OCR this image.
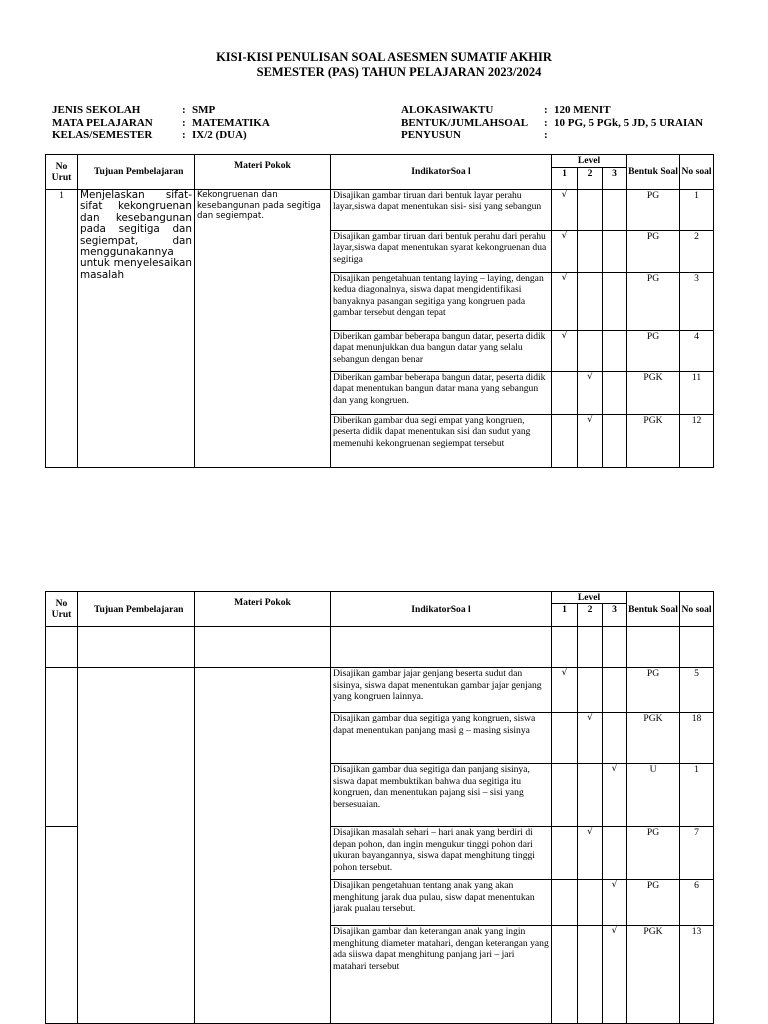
KISI-KISI PENULISAN SOAL ASESMEN SUMATIF AKHIR
SEMESTER (PAS) TAHUN PELAJARAN 2023/2024
JENIS SEKOLAH	: SMP
MATA PELAJARAN	: MATEMATIKA
KELAS/SEMESTER	: IX/2 (DUA)
ALOKASIWAKTU	: 120 MENIT
BENTUK/JUMLAHSOAL	: 10 PG, 5 PGk, 5 JD, 5 URAIAN
PENYUSUN	:
No Urut	Tujuan Pembelajaran	Materi Pokok	IndikatorSoa l	Level			Bentuk Soal	No soal
				1	2	3		
1	Menjelaskan sifat-sifat kekongruenan dan kesebangunan pada segitiga dan segiempat, dan menggunakannya untuk menyelesaikan masalah	Kekongruenan dan kesebangunan pada segitiga dan segiempat.	Disajikan gambar tiruan dari bentuk layar perahu layar,siswa dapat menentukan sisi- sisi yang sebangun	√			PG	1
			Disajikan gambar tiruan dari bentuk perahu dari perahu layar,siswa dapat menentukan syarat kekongruenan dua segitiga	√			PG	2
			Disajikan pengetahuan tentang laying – laying, dengan kedua diagonalnya, siswa dapat mengidentifikasi banyaknya pasangan segitiga yang kongruen pada gambar tersebut dengan tepat	√			PG	3
			Diberikan gambar beberapa bangun datar, peserta didik dapat menunjukkan dua bangun datar yang selalu sebangun dengan benar	√			PG	4
			Diberikan gambar beberapa bangun datar, peserta didik dapat menentukan bangun datar mana yang sebangun dan yang kongruen.		√		PGK	11
			Diberikan gambar dua segi empat yang kongruen, peserta didik dapat menentukan sisi dan sudut yang memenuhi kekongruenan segiempat tersebut		√		PGK	12
No Urut	Tujuan Pembelajaran	Materi Pokok	IndikatorSoa l	Level			Bentuk Soal	No soal
				1	2	3		

			Disajikan gambar jajar genjang beserta sudut dan sisinya, siswa dapat menentukan gambar jajar genjang yang kongruen lainnya.	√			PG	5
			Disajikan gambar dua segitiga yang kongruen, siswa dapat menentukan panjang masi g – masing sisinya		√		PGK	18
			Disajikan gambar dua segitiga dan panjang sisinya, siswa dapat membuktikan bahwa dua segitiga itu kongruen, dan menentukan pajang sisi – sisi yang bersesuaian.			√	U	1
			Disajikan masalah sehari – hari anak yang berdiri di depan pohon, dan ingin mengukur tinggi pohon dari ukuran bayangannya, siswa dapat menghitung tinggi pohon tersebut.		√		PG	7
			Disajikan pengetahuan tentang anak yang akan menghitung jarak dua pulau, sisw dapat menentukan jarak pualau tersebut.			√	PG	6
			Disajikan gambar dan keterangan anak yang ingin menghitung diameter matahari, dengan keterangan yang ada siiswa dapat menghitung panjang jari – jari matahari tersebut			√	PGK	13
